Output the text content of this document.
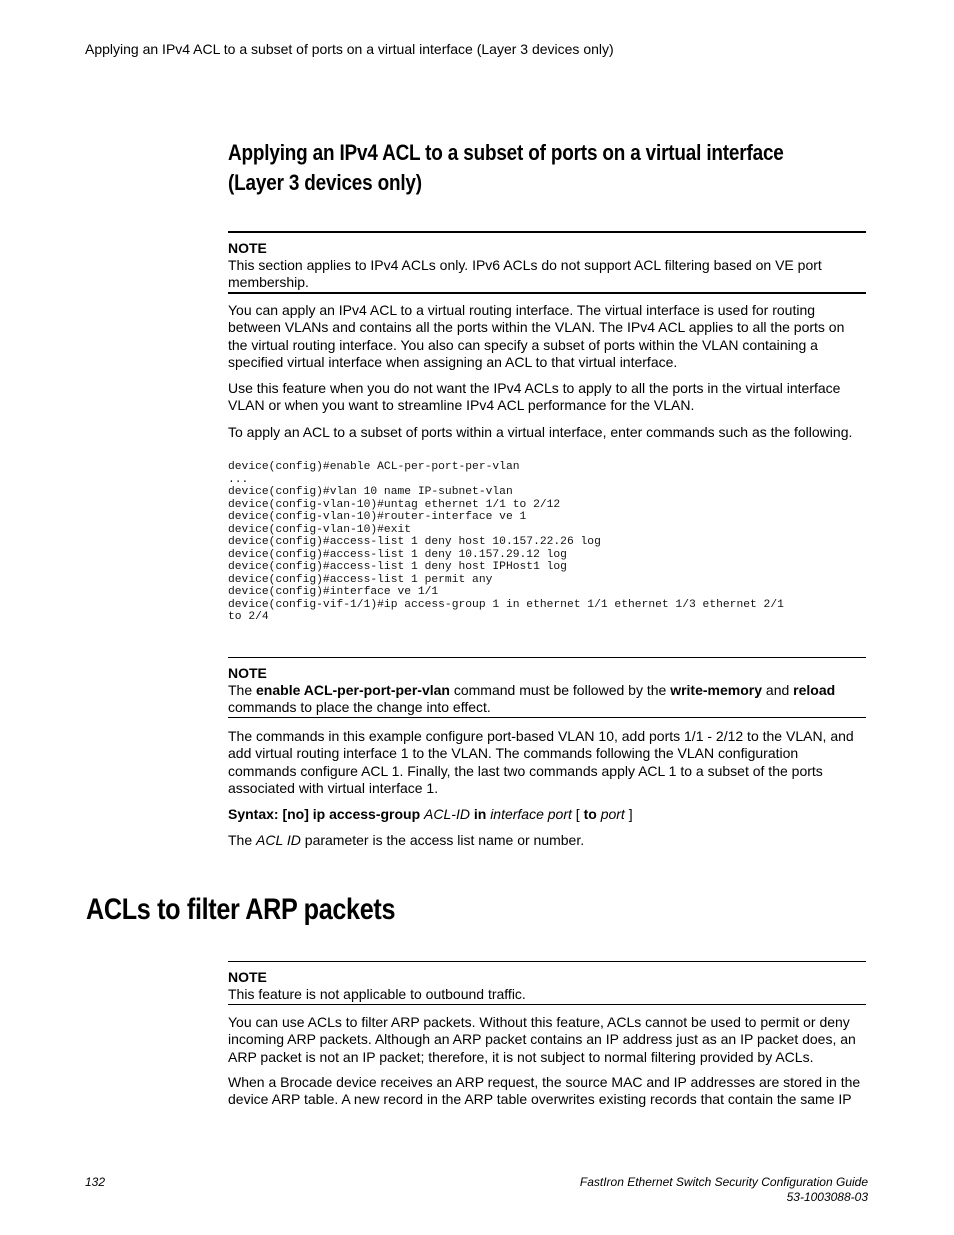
Applying an IPv4 ACL to a subset of ports on a virtual interface (Layer 3 devices only)
Applying an IPv4 ACL to a subset of ports on a virtual interface (Layer 3 devices only)
NOTE
This section applies to IPv4 ACLs only. IPv6 ACLs do not support ACL filtering based on VE port membership.

You can apply an IPv4 ACL to a virtual routing interface. The virtual interface is used for routing between VLANs and contains all the ports within the VLAN. The IPv4 ACL applies to all the ports on the virtual routing interface. You also can specify a subset of ports within the VLAN containing a specified virtual interface when assigning an ACL to that virtual interface.

Use this feature when you do not want the IPv4 ACLs to apply to all the ports in the virtual interface VLAN or when you want to streamline IPv4 ACL performance for the VLAN.

To apply an ACL to a subset of ports within a virtual interface, enter commands such as the following.

device(config)#enable ACL-per-port-per-vlan
...
device(config)#vlan 10 name IP-subnet-vlan
device(config-vlan-10)#untag ethernet 1/1 to 2/12
device(config-vlan-10)#router-interface ve 1
device(config-vlan-10)#exit
device(config)#access-list 1 deny host 10.157.22.26 log
device(config)#access-list 1 deny 10.157.29.12 log
device(config)#access-list 1 deny host IPHost1 log
device(config)#access-list 1 permit any
device(config)#interface ve 1/1
device(config-vif-1/1)#ip access-group 1 in ethernet 1/1 ethernet 1/3 ethernet 2/1
to 2/4
NOTE
The enable ACL-per-port-per-vlan command must be followed by the write-memory and reload commands to place the change into effect.

The commands in this example configure port-based VLAN 10, add ports 1/1 - 2/12 to the VLAN, and add virtual routing interface 1 to the VLAN. The commands following the VLAN configuration commands configure ACL 1. Finally, the last two commands apply ACL 1 to a subset of the ports associated with virtual interface 1.

Syntax: [no] ip access-group ACL-ID in interface port [ to port ]

The ACL ID parameter is the access list name or number.

ACLs to filter ARP packets
NOTE
This feature is not applicable to outbound traffic.

You can use ACLs to filter ARP packets. Without this feature, ACLs cannot be used to permit or deny incoming ARP packets. Although an ARP packet contains an IP address just as an IP packet does, an ARP packet is not an IP packet; therefore, it is not subject to normal filtering provided by ACLs.

When a Brocade device receives an ARP request, the source MAC and IP addresses are stored in the device ARP table. A new record in the ARP table overwrites existing records that contain the same IP

132	FastIron Ethernet Switch Security Configuration Guide
53-1003088-03
